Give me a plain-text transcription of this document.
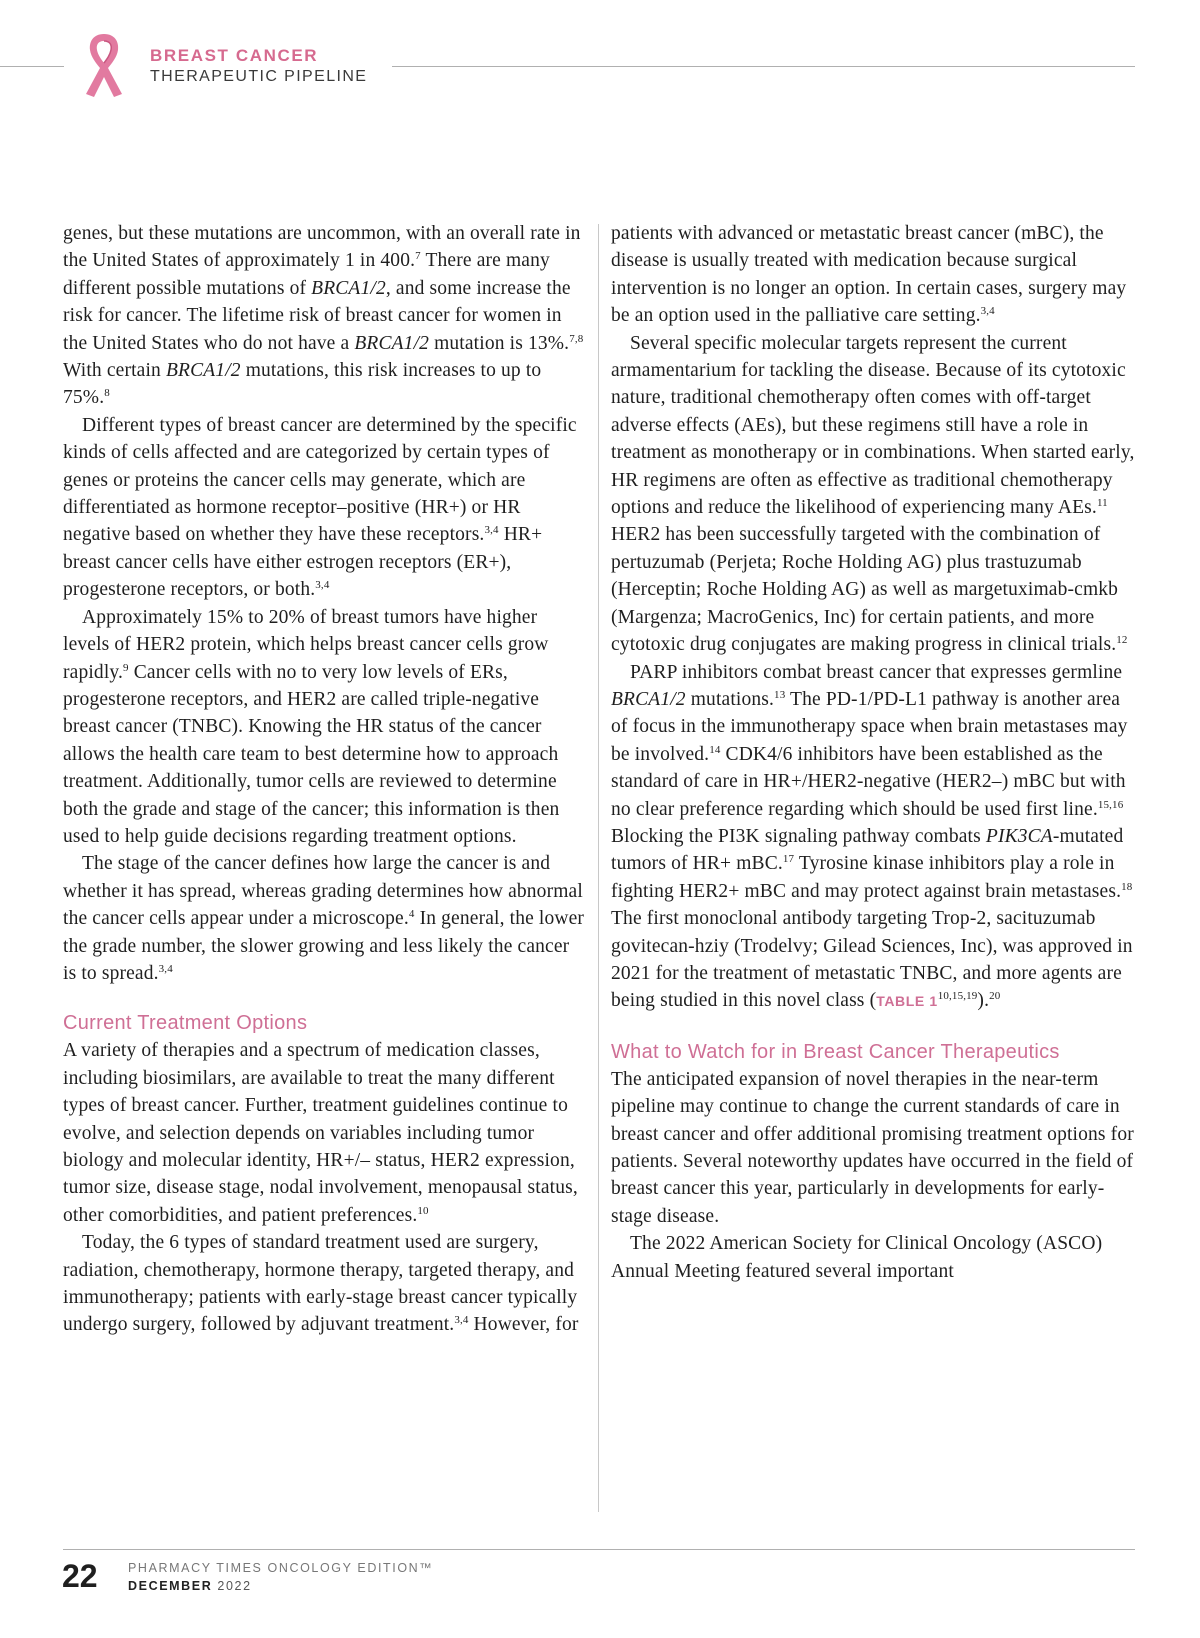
BREAST CANCER
THERAPEUTIC PIPELINE

genes, but these mutations are uncommon, with an overall rate in the United States of approximately 1 in 400.$^7$ There are many different possible mutations of BRCA1/2, and some increase the risk for cancer. The lifetime risk of breast cancer for women in the United States who do not have a BRCA1/2 mutation is 13%.$^{7,8}$ With certain BRCA1/2 mutations, this risk increases to up to 75%.$^8$

Different types of breast cancer are determined by the specific kinds of cells affected and are categorized by certain types of genes or proteins the cancer cells may generate, which are differentiated as hormone receptor–positive (HR+) or HR negative based on whether they have these receptors.$^{3,4}$ HR+ breast cancer cells have either estrogen receptors (ER+), progesterone receptors, or both.$^{3,4}$

Approximately 15% to 20% of breast tumors have higher levels of HER2 protein, which helps breast cancer cells grow rapidly.$^9$ Cancer cells with no to very low levels of ERs, progesterone receptors, and HER2 are called triple-negative breast cancer (TNBC). Knowing the HR status of the cancer allows the health care team to best determine how to approach treatment. Additionally, tumor cells are reviewed to determine both the grade and stage of the cancer; this information is then used to help guide decisions regarding treatment options.

The stage of the cancer defines how large the cancer is and whether it has spread, whereas grading determines how abnormal the cancer cells appear under a microscope.$^4$ In general, the lower the grade number, the slower growing and less likely the cancer is to spread.$^{3,4}$

Current Treatment Options

A variety of therapies and a spectrum of medication classes, including biosimilars, are available to treat the many different types of breast cancer. Further, treatment guidelines continue to evolve, and selection depends on variables including tumor biology and molecular identity, HR+/– status, HER2 expression, tumor size, disease stage, nodal involvement, menopausal status, other comorbidities, and patient preferences.$^{10}$

Today, the 6 types of standard treatment used are surgery, radiation, chemotherapy, hormone therapy, targeted therapy, and immunotherapy; patients with early-stage breast cancer typically undergo surgery, followed by adjuvant treatment.$^{3,4}$ However, for

patients with advanced or metastatic breast cancer (mBC), the disease is usually treated with medication because surgical intervention is no longer an option. In certain cases, surgery may be an option used in the palliative care setting.$^{3,4}$

Several specific molecular targets represent the current armamentarium for tackling the disease. Because of its cytotoxic nature, traditional chemotherapy often comes with off-target adverse effects (AEs), but these regimens still have a role in treatment as monotherapy or in combinations. When started early, HR regimens are often as effective as traditional chemotherapy options and reduce the likelihood of experiencing many AEs.$^{11}$ HER2 has been successfully targeted with the combination of pertuzumab (Perjeta; Roche Holding AG) plus trastuzumab (Herceptin; Roche Holding AG) as well as margetuximab-cmkb (Margenza; MacroGenics, Inc) for certain patients, and more cytotoxic drug conjugates are making progress in clinical trials.$^{12}$

PARP inhibitors combat breast cancer that expresses germline BRCA1/2 mutations.$^{13}$ The PD-1/PD-L1 pathway is another area of focus in the immunotherapy space when brain metastases may be involved.$^{14}$ CDK4/6 inhibitors have been established as the standard of care in HR+/HER2-negative (HER2–) mBC but with no clear preference regarding which should be used first line.$^{15,16}$ Blocking the PI3K signaling pathway combats PIK3CA-mutated tumors of HR+ mBC.$^{17}$ Tyrosine kinase inhibitors play a role in fighting HER2+ mBC and may protect against brain metastases.$^{18}$ The first monoclonal antibody targeting Trop-2, sacituzumab govitecan-hziy (Trodelvy; Gilead Sciences, Inc), was approved in 2021 for the treatment of metastatic TNBC, and more agents are being studied in this novel class (TABLE 1$^{10,15,19}$).$^{20}$

What to Watch for in Breast Cancer Therapeutics

The anticipated expansion of novel therapies in the near-term pipeline may continue to change the current standards of care in breast cancer and offer additional promising treatment options for patients. Several noteworthy updates have occurred in the field of breast cancer this year, particularly in developments for early-stage disease.

The 2022 American Society for Clinical Oncology (ASCO) Annual Meeting featured several important

22 PHARMACY TIMES ONCOLOGY EDITION™
DECEMBER 2022
